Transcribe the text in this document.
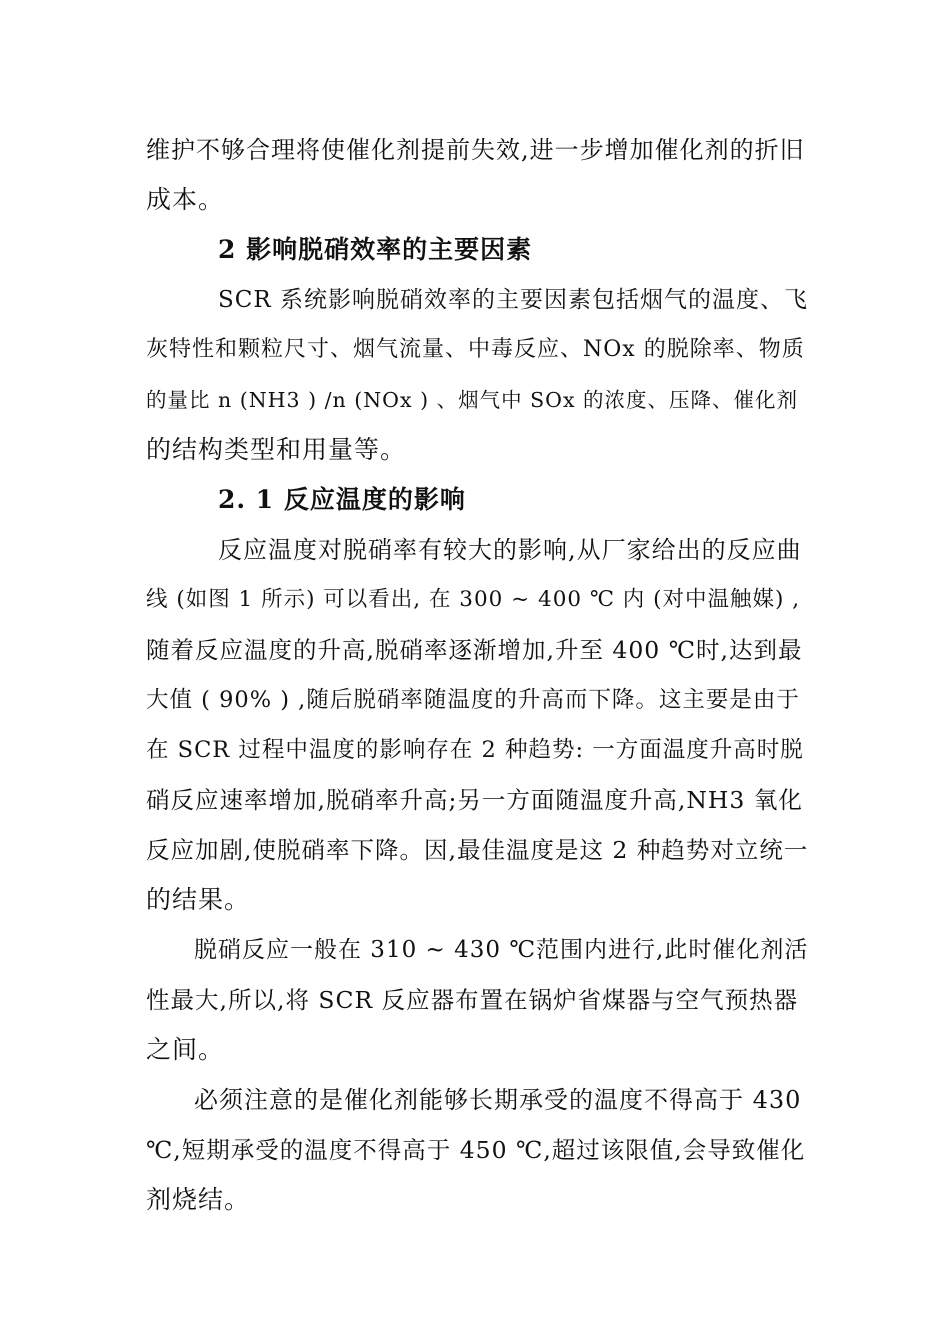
维护不够合理将使催化剂提前失效,进一步增加催化剂的折旧
成本。
2 影响脱硝效率的主要因素
SCR 系统影响脱硝效率的主要因素包括烟气的温度、飞
灰特性和颗粒尺寸、烟气流量、中毒反应、NOx 的脱除率、物质
的量比 n (NH3 ) /n (NOx ) 、烟气中 SOx 的浓度、压降、催化剂
的结构类型和用量等。
2. 1 反应温度的影响
反应温度对脱硝率有较大的影响,从厂家给出的反应曲
线 (如图 1 所示) 可以看出, 在 300 ~ 400 ℃ 内 (对中温触媒) ,
随着反应温度的升高,脱硝率逐渐增加,升至 400 ℃时,达到最
大值 ( 90% ) ,随后脱硝率随温度的升高而下降。这主要是由于
在 SCR 过程中温度的影响存在 2 种趋势: 一方面温度升高时脱
硝反应速率增加,脱硝率升高;另一方面随温度升高,NH3 氧化
反应加剧,使脱硝率下降。因,最佳温度是这 2 种趋势对立统一
的结果。
脱硝反应一般在 310 ~ 430 ℃范围内进行,此时催化剂活
性最大,所以,将 SCR 反应器布置在锅炉省煤器与空气预热器
之间。
必须注意的是催化剂能够长期承受的温度不得高于 430
℃,短期承受的温度不得高于 450 ℃,超过该限值,会导致催化
剂烧结。
